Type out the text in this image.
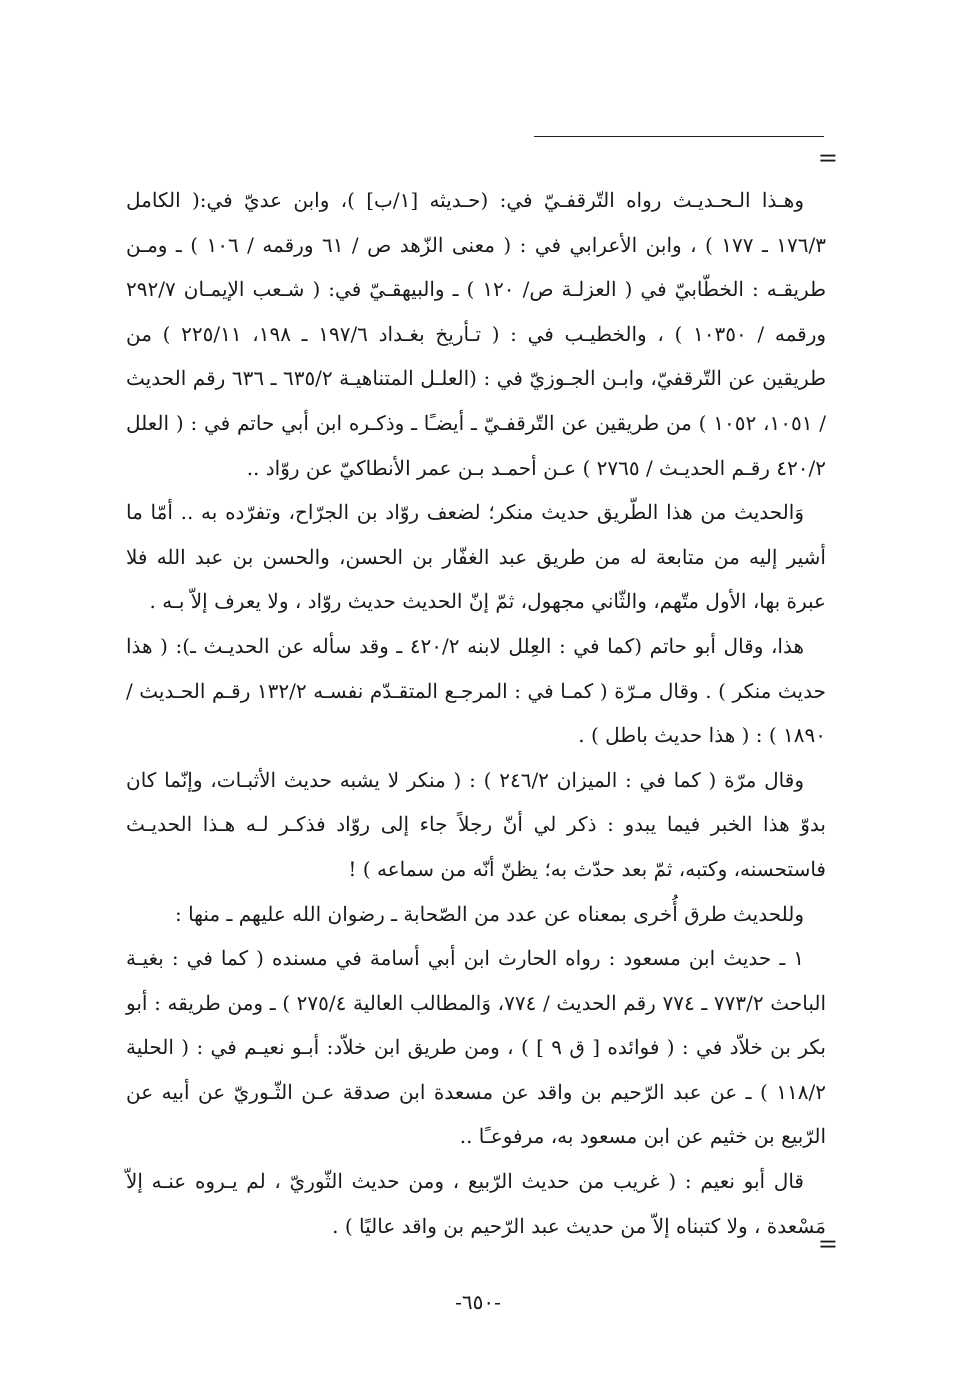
=

وهـذا الـحـديـث رواه التّرقفـيّ في: (حـديثه [١/ب] )، وابن عديّ في:( الكامل ١٧٦/٣ ـ ١٧٧ ) ، وابن الأعرابي في : ( معنى الزّهد ص / ٦١ ورقمه / ١٠٦ ) ـ ومـن طريقـه : الخطّابيّ في ( العزلـة ص/ ١٢٠ ) ـ والبيهقـيّ في: ( شـعب الإيمـان ٢٩٢/٧ ورقمه / ١٠٣٥٠ ) ، والخطيـب في : ( تـأريخ بغـداد ١٩٧/٦ ـ ١٩٨، ٢٢٥/١١ ) من طريقين عن التّرقفيّ، وابـن الجـوزيّ في : (العلـل المتناهيـة ٦٣٥/٢ ـ ٦٣٦ رقم الحديث / ١٠٥١، ١٠٥٢ ) من طريقين عن التّرقفـيّ ـ أيضـًا ـ وذكـره ابن أبي حاتم في : ( العلل ٤٢٠/٢ رقـم الحديـث / ٢٧٦٥ ) عـن أحمـد بـن عمر الأنطاكيّ عن روّاد ..

وَالحديث من هذا الطّريق حديث منكر؛ لضعف روّاد بن الجرّاح، وتفرّده به .. أمّا ما أشير إليه من متابعة له من طريق عبد الغفّار بن الحسن، والحسن بن عبد الله فلا عبرة بها، الأول متّهم، والثّاني مجهول، ثمّ إنّ الحديث حديث روّاد ، ولا يعرف إلاّ بـه .

هذا، وقال أبو حاتم (كما في : العِلل لابنه ٤٢٠/٢ ـ وقد سأله عن الحديـث ـ): ( هذا حديث منكر ) . وقال مـرّة ( كمـا في : المرجـع المتقـدّم نفسـه ١٣٢/٢ رقـم الحـديث / ١٨٩٠ ) : ( هذا حديث باطل ) .

وقال مرّة ( كما في : الميزان ٢٤٦/٢ ) : ( منكر لا يشبه حديث الأثبـات، وإنّما كان بدوّ هذا الخبر فيما يبدو : ذكر لي أنّ رجلاً جاء إلى روّاد فذكـر لـه هـذا الحديـث فاستحسنه، وكتبه، ثمّ بعد حدّث به؛ يظنّ أنّه من سماعه ) !

وللحديث طرق أُخرى بمعناه عن عدد من الصّحابة ـ رضوان الله عليهم ـ منها :

١ ـ حديث ابن مسعود : رواه الحارث ابن أبي أسامة في مسنده ( كما في : بغيـة الباحث ٧٧٣/٢ ـ ٧٧٤ رقم الحديث / ٧٧٤، وَالمطالب العالية ٢٧٥/٤ ) ـ ومن طريقه : أبو بكر بن خلاّد في : ( فوائده [ ق ٩ ] ) ، ومن طريق ابن خلاّد: أبـو نعيـم في : ( الحلية ١١٨/٢ ) ـ عن عبد الرّحيم بن واقد عن مسعدة ابن صدقة عـن الثّـوريّ عن أبيه عن الرّبيع بن خثيم عن ابن مسعود به، مرفوعـًا ..

قال أبو نعيم : ( غريب من حديث الرّبيع ، ومن حديث الثّوريّ ، لم يـروه عنـه إلاّ مَسْعدة ، ولا كتبناه إلاّ من حديث عبد الرّحيم بن واقد عاليًا ) .

=
-٦٥٠-
